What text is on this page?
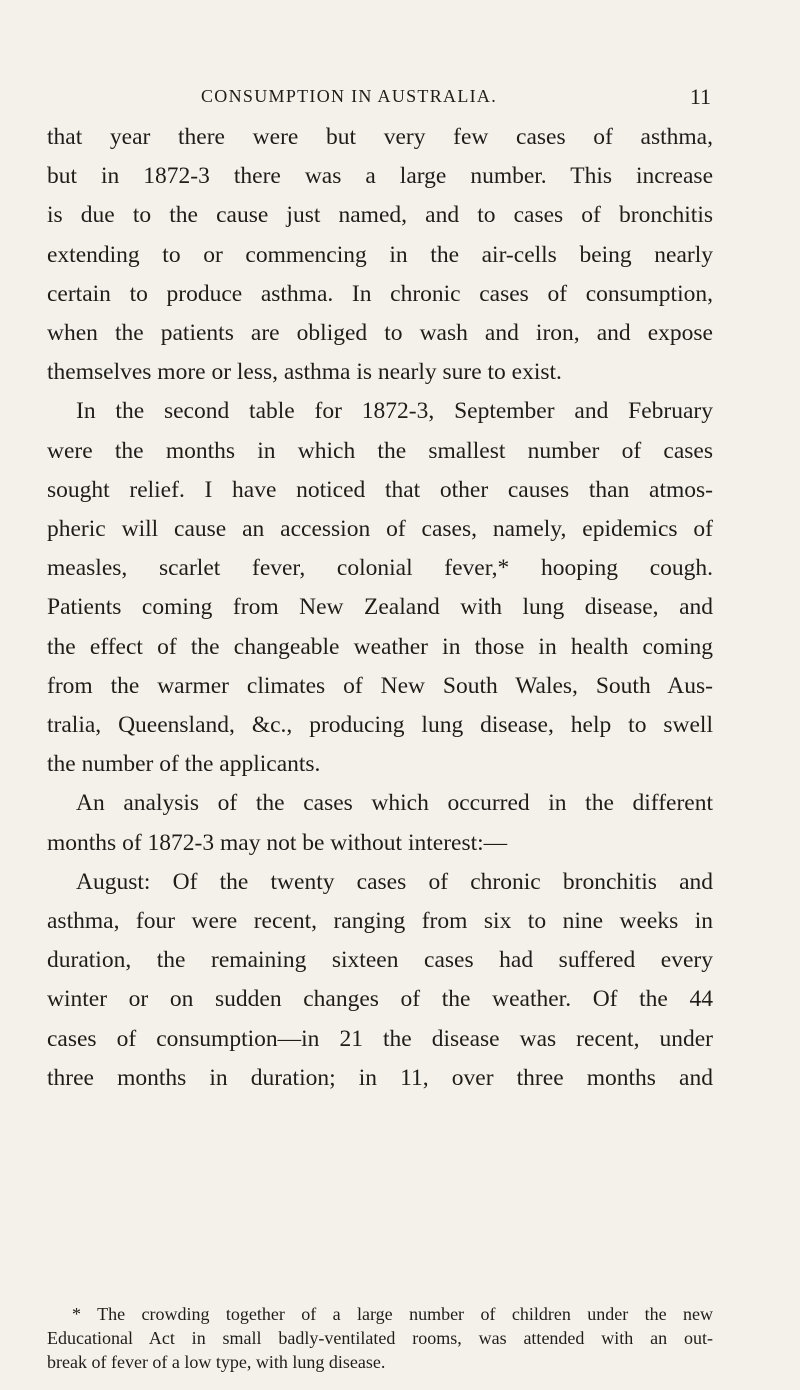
CONSUMPTION IN AUSTRALIA.	11
that year there were but very few cases of asthma,
but in 1872-3 there was a large number. This increase
is due to the cause just named, and to cases of bronchitis
extending to or commencing in the air-cells being nearly
certain to produce asthma. In chronic cases of consumption,
when the patients are obliged to wash and iron, and expose
themselves more or less, asthma is nearly sure to exist.
In the second table for 1872-3, September and February
were the months in which the smallest number of cases
sought relief. I have noticed that other causes than atmos-
pheric will cause an accession of cases, namely, epidemics of
measles, scarlet fever, colonial fever,* hooping cough.
Patients coming from New Zealand with lung disease, and
the effect of the changeable weather in those in health coming
from the warmer climates of New South Wales, South Aus-
tralia, Queensland, &c., producing lung disease, help to swell
the number of the applicants.
An analysis of the cases which occurred in the different
months of 1872-3 may not be without interest:—
August: Of the twenty cases of chronic bronchitis and
asthma, four were recent, ranging from six to nine weeks in
duration, the remaining sixteen cases had suffered every
winter or on sudden changes of the weather. Of the 44
cases of consumption—in 21 the disease was recent, under
three months in duration; in 11, over three months and
* The crowding together of a large number of children under the new
Educational Act in small badly-ventilated rooms, was attended with an out-
break of fever of a low type, with lung disease.
